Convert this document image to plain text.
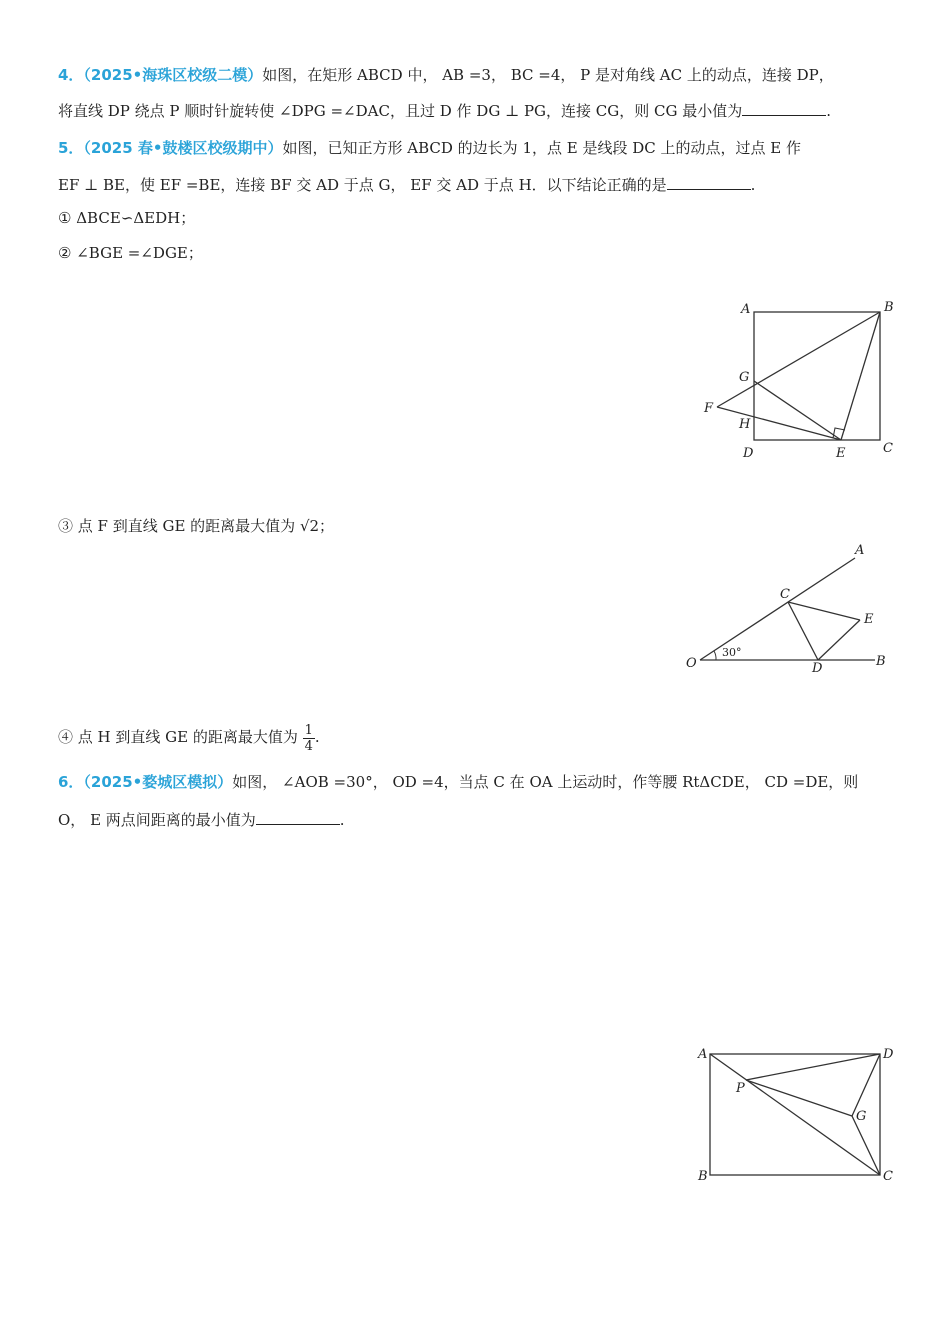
4．（2025•海珠区校级二模）如图，在矩形 ABCD 中， AB =3， BC =4， P 是对角线 AC 上的动点，连接 DP，
将直线 DP 绕点 P 顺时针旋转使 ∠DPG =∠DAC，且过 D 作 DG ⊥ PG，连接 CG，则 CG 最小值为	.
5．（2025 春•鼓楼区校级期中）如图，已知正方形 ABCD 的边长为 1，点 E 是线段 DC 上的动点，过点 E 作
EF ⊥ BE，使 EF =BE，连接 BF 交 AD 于点 G， EF 交 AD 于点 H．以下结论正确的是	.
① ΔBCE∽ΔEDH；
② ∠BGE =∠DGE；
A	B
C
D	E
F
G
H
③ 点 F 到直线 GE 的距离最大值为 √2；
O
A
B
C
D
E
30°
④ 点 H 到直线 GE 的距离最大值为 $\frac{1}{4}$ .
6．（2025•婺城区模拟）如图， ∠AOB =30°， OD =4，当点 C 在 OA 上运动时，作等腰 RtΔCDE， CD =DE，则
O， E 两点间距离的最小值为	.
A	D
B	C
P
G
